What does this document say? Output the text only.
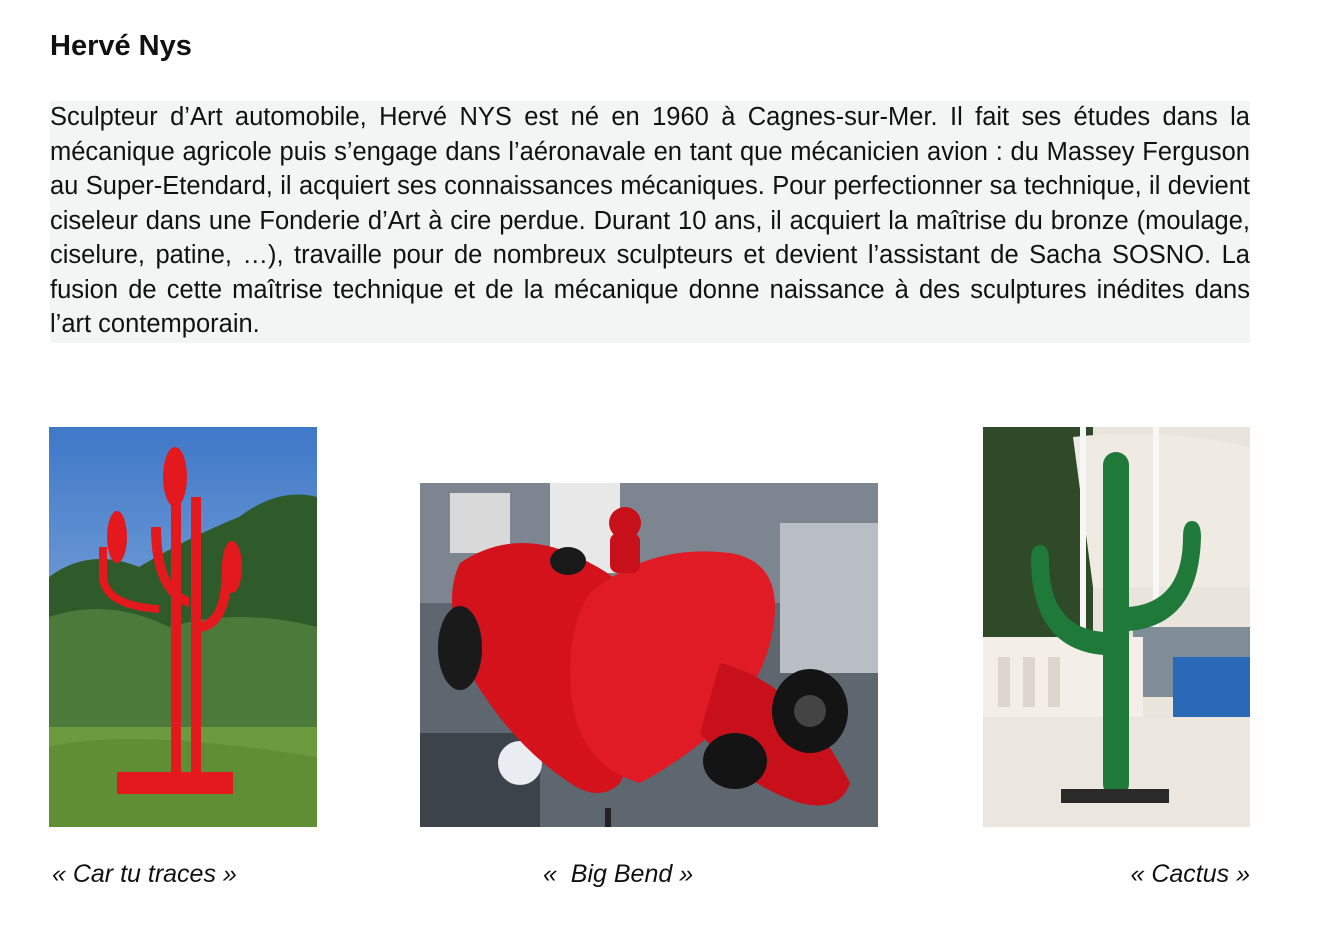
Hervé Nys

Sculpteur d’Art automobile, Hervé NYS est né en 1960 à Cagnes-sur-Mer. Il fait ses études dans la mécanique agricole puis s’engage dans l’aéronavale en tant que mécanicien avion : du Massey Ferguson au Super-Etendard, il acquiert ses connaissances mécaniques. Pour perfectionner sa technique, il devient ciseleur dans une Fonderie d’Art à cire perdue. Durant 10 ans, il acquiert la maîtrise du bronze (moulage, ciselure, patine, …), travaille pour de nombreux sculpteurs et devient l’assistant de Sacha SOSNO. La fusion de cette maîtrise technique et de la mécanique donne naissance à des sculptures inédites dans l’art contemporain.

« Car tu traces »	«  Big Bend »	« Cactus »
